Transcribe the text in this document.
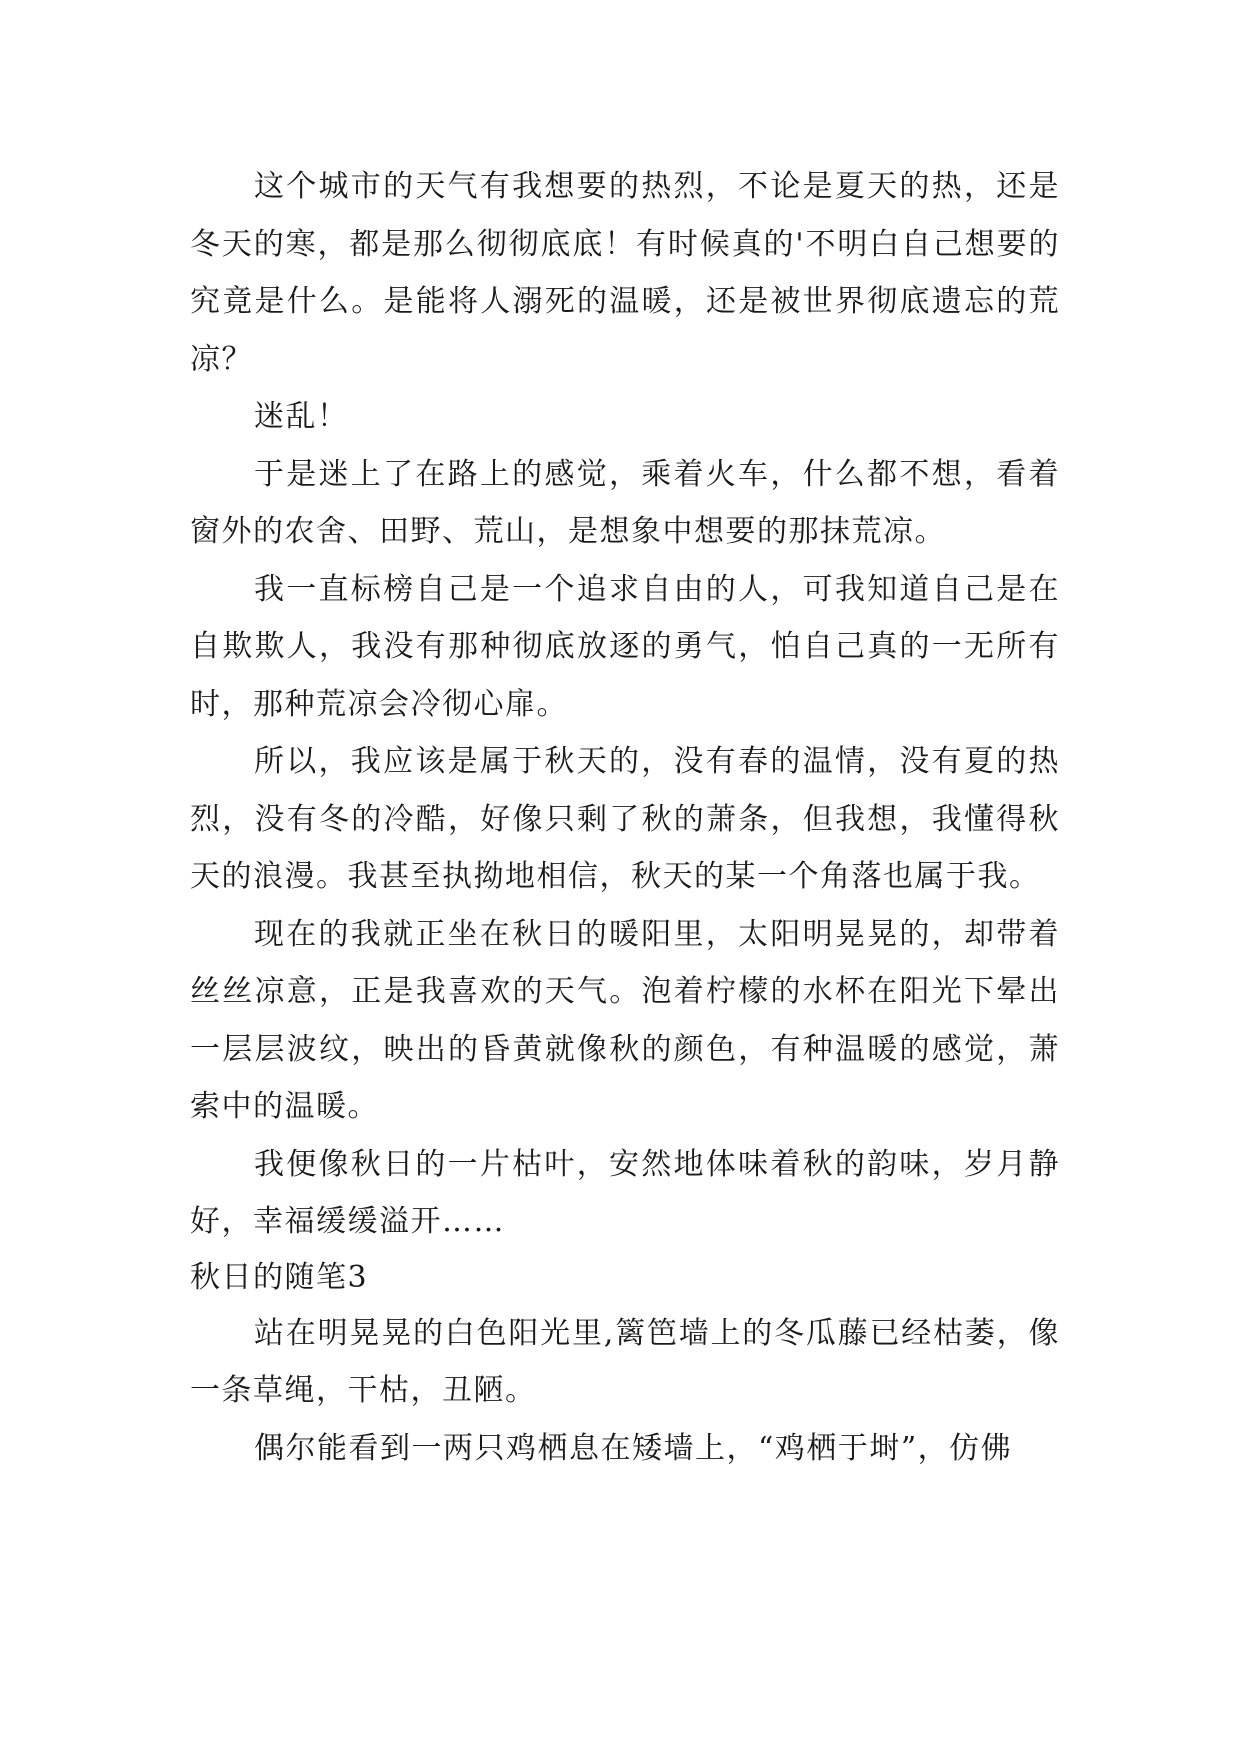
这个城市的天气有我想要的热烈，不论是夏天的热，还是冬天的寒，都是那么彻彻底底！有时候真的'不明白自己想要的究竟是什么。是能将人溺死的温暖，还是被世界彻底遗忘的荒凉？

迷乱！

于是迷上了在路上的感觉，乘着火车，什么都不想，看着窗外的农舍、田野、荒山，是想象中想要的那抹荒凉。

我一直标榜自己是一个追求自由的人，可我知道自己是在自欺欺人，我没有那种彻底放逐的勇气，怕自己真的一无所有时，那种荒凉会冷彻心扉。

所以，我应该是属于秋天的，没有春的温情，没有夏的热烈，没有冬的冷酷，好像只剩了秋的萧条，但我想，我懂得秋天的浪漫。我甚至执拗地相信，秋天的某一个角落也属于我。

现在的我就正坐在秋日的暖阳里，太阳明晃晃的，却带着丝丝凉意，正是我喜欢的天气。泡着柠檬的水杯在阳光下晕出一层层波纹，映出的昏黄就像秋的颜色，有种温暖的感觉，萧索中的温暖。

我便像秋日的一片枯叶，安然地体味着秋的韵味，岁月静好，幸福缓缓溢开……

秋日的随笔3

站在明晃晃的白色阳光里,篱笆墙上的冬瓜藤已经枯萎，像一条草绳，干枯，丑陋。

偶尔能看到一两只鸡栖息在矮墙上，“鸡栖于埘”，仿佛
